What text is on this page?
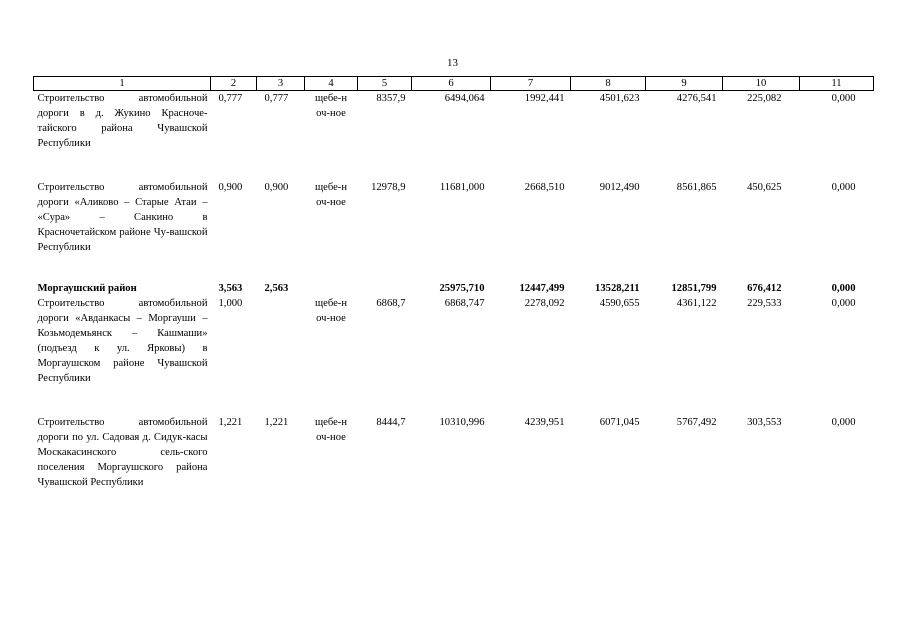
13
1	2	3	4	5	6	7	8	9	10	11
Строительство автомобильной дороги в д. Жукино Красноче-тайского района Чувашской Республики	0,777	0,777	щебе-ноч-ное	8357,9	6494,064	1992,441	4501,623	4276,541	225,082	0,000

Строительство автомобильной дороги «Аликово – Старые Атаи – «Сура» – Санкино в Красночетайском районе Чу-вашской Республики	0,900	0,900	щебе-ноч-ное	12978,9	11681,000	2668,510	9012,490	8561,865	450,625	0,000

Моргаушский район	3,563	2,563			25975,710	12447,499	13528,211	12851,799	676,412	0,000
Строительство автомобильной дороги «Авданкасы – Моргауши – Козьмодемьянск – Кашмаши» (подъезд к ул. Ярковы) в Моргаушском районе Чувашской Республики	1,000		щебе-ноч-ное	6868,7	6868,747	2278,092	4590,655	4361,122	229,533	0,000

Строительство автомобильной дороги по ул. Садовая д. Сидук-касы Москакасинского сель-ского поселения Моргаушского района Чувашской Республики	1,221	1,221	щебе-ноч-ное	8444,7	10310,996	4239,951	6071,045	5767,492	303,553	0,000
